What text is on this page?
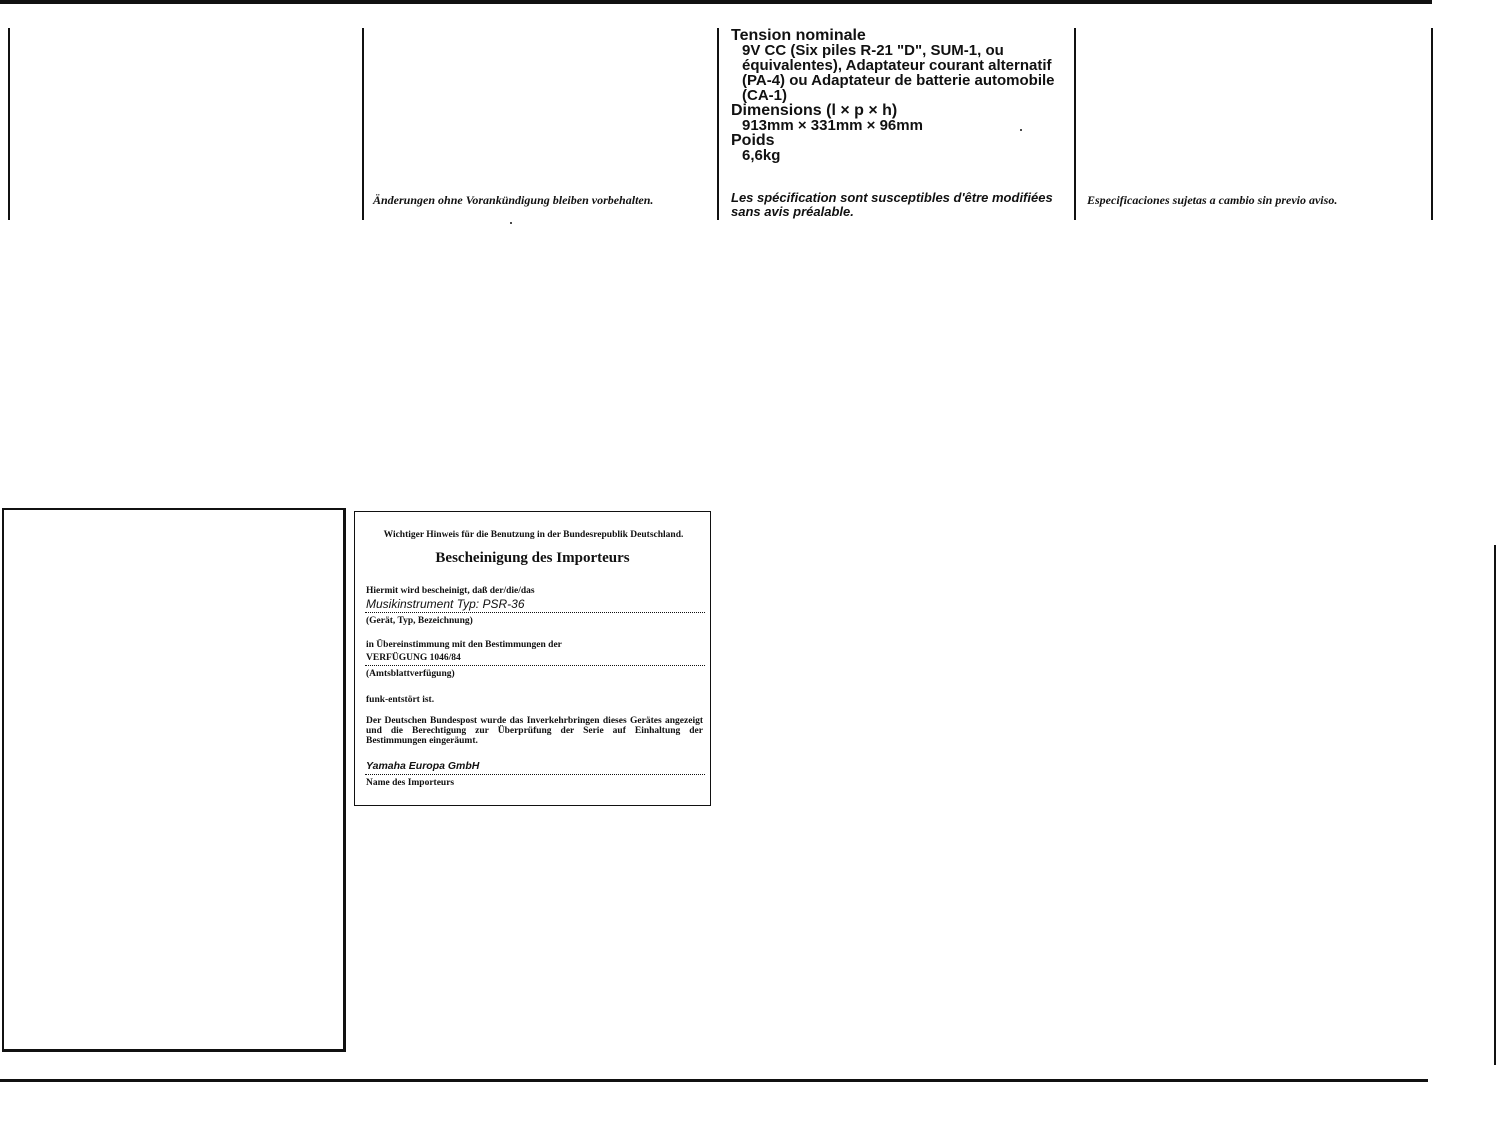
Tension nominale
9V CC (Six piles R-21 "D", SUM-1, ou
équivalentes), Adaptateur courant alternatif
(PA-4) ou Adaptateur de batterie automobile
(CA-1)
Dimensions (l × p × h)
913mm × 331mm × 96mm
Poids
6,6kg
Änderungen ohne Vorankündigung bleiben vorbehalten.	Les spécification sont susceptibles d'être modifiées
sans avis préalable.
Especificaciones sujetas a cambio sin previo aviso.
Wichtiger Hinweis für die Benutzung in der Bundesrepublik Deutschland.
Bescheinigung des Importeurs
Hiermit wird bescheinigt, daß der/die/das
Musikinstrument Typ: PSR-36
(Gerät, Typ, Bezeichnung)
in Übereinstimmung mit den Bestimmungen der
VERFÜGUNG 1046/84
(Amtsblattverfügung)
funk-entstört ist.
Der Deutschen Bundespost wurde das Inverkehrbringen dieses Gerätes angezeigt und die Berechtigung zur Überprüfung der Serie auf Einhaltung der Bestimmungen eingeräumt.
Yamaha Europa GmbH
Name des Importeurs
